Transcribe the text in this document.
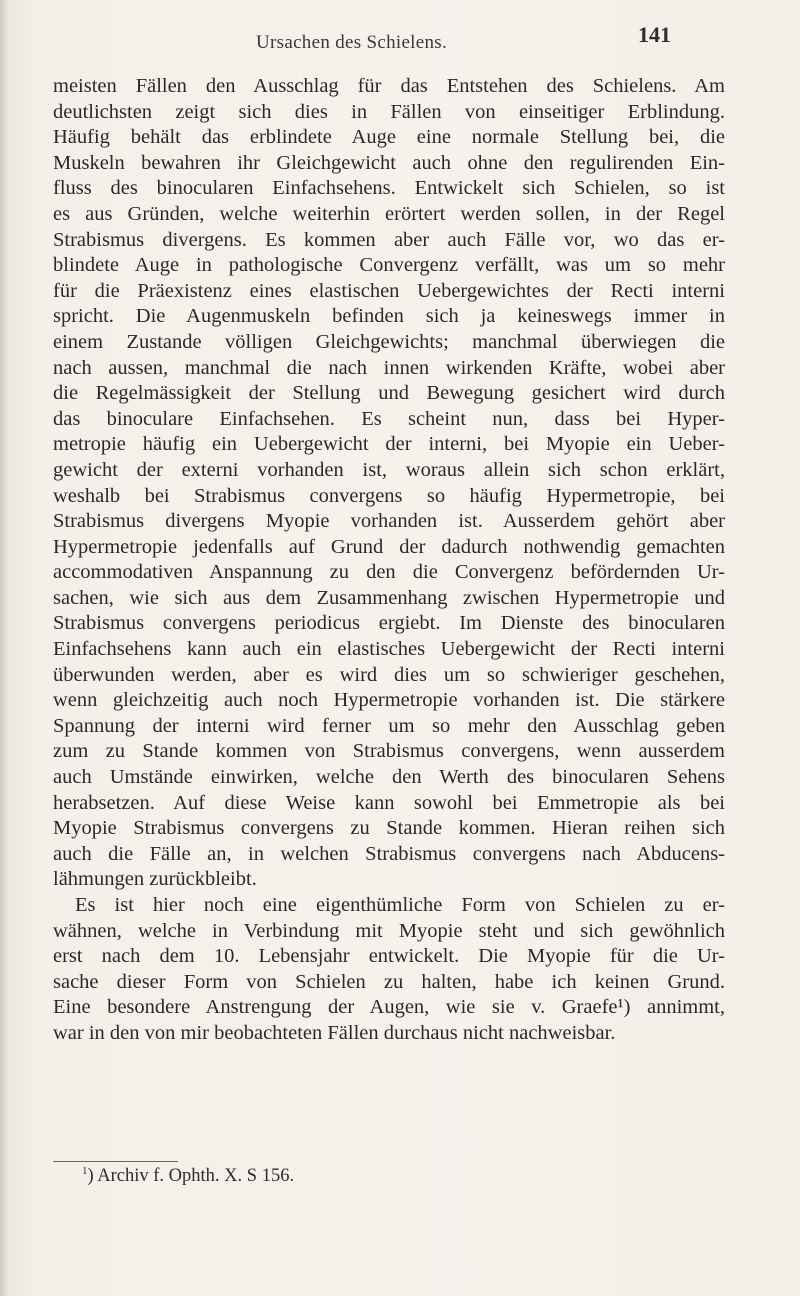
Ursachen des Schielens.	141

meisten Fällen den Ausschlag für das Entstehen des Schielens. Am
deutlichsten zeigt sich dies in Fällen von einseitiger Erblindung.
Häufig behält das erblindete Auge eine normale Stellung bei, die
Muskeln bewahren ihr Gleichgewicht auch ohne den regulirenden Ein-
fluss des binocularen Einfachsehens. Entwickelt sich Schielen, so ist
es aus Gründen, welche weiterhin erörtert werden sollen, in der Regel
Strabismus divergens. Es kommen aber auch Fälle vor, wo das er-
blindete Auge in pathologische Convergenz verfällt, was um so mehr
für die Präexistenz eines elastischen Uebergewichtes der Recti interni
spricht. Die Augenmuskeln befinden sich ja keineswegs immer in
einem Zustande völligen Gleichgewichts; manchmal überwiegen die
nach aussen, manchmal die nach innen wirkenden Kräfte, wobei aber
die Regelmässigkeit der Stellung und Bewegung gesichert wird durch
das binoculare Einfachsehen. Es scheint nun, dass bei Hyper-
metropie häufig ein Uebergewicht der interni, bei Myopie ein Ueber-
gewicht der externi vorhanden ist, woraus allein sich schon erklärt,
weshalb bei Strabismus convergens so häufig Hypermetropie, bei
Strabismus divergens Myopie vorhanden ist. Ausserdem gehört aber
Hypermetropie jedenfalls auf Grund der dadurch nothwendig gemachten
accommodativen Anspannung zu den die Convergenz befördernden Ur-
sachen, wie sich aus dem Zusammenhang zwischen Hypermetropie und
Strabismus convergens periodicus ergiebt. Im Dienste des binocularen
Einfachsehens kann auch ein elastisches Uebergewicht der Recti interni
überwunden werden, aber es wird dies um so schwieriger geschehen,
wenn gleichzeitig auch noch Hypermetropie vorhanden ist. Die stärkere
Spannung der interni wird ferner um so mehr den Ausschlag geben
zum zu Stande kommen von Strabismus convergens, wenn ausserdem
auch Umstände einwirken, welche den Werth des binocularen Sehens
herabsetzen. Auf diese Weise kann sowohl bei Emmetropie als bei
Myopie Strabismus convergens zu Stande kommen. Hieran reihen sich
auch die Fälle an, in welchen Strabismus convergens nach Abducens-
lähmungen zurückbleibt.

Es ist hier noch eine eigenthümliche Form von Schielen zu er-
wähnen, welche in Verbindung mit Myopie steht und sich gewöhnlich
erst nach dem 10. Lebensjahr entwickelt. Die Myopie für die Ur-
sache dieser Form von Schielen zu halten, habe ich keinen Grund.
Eine besondere Anstrengung der Augen, wie sie v. Graefe¹) annimmt,
war in den von mir beobachteten Fällen durchaus nicht nachweisbar.

$^1$) Archiv f. Ophth. X. S 156.
